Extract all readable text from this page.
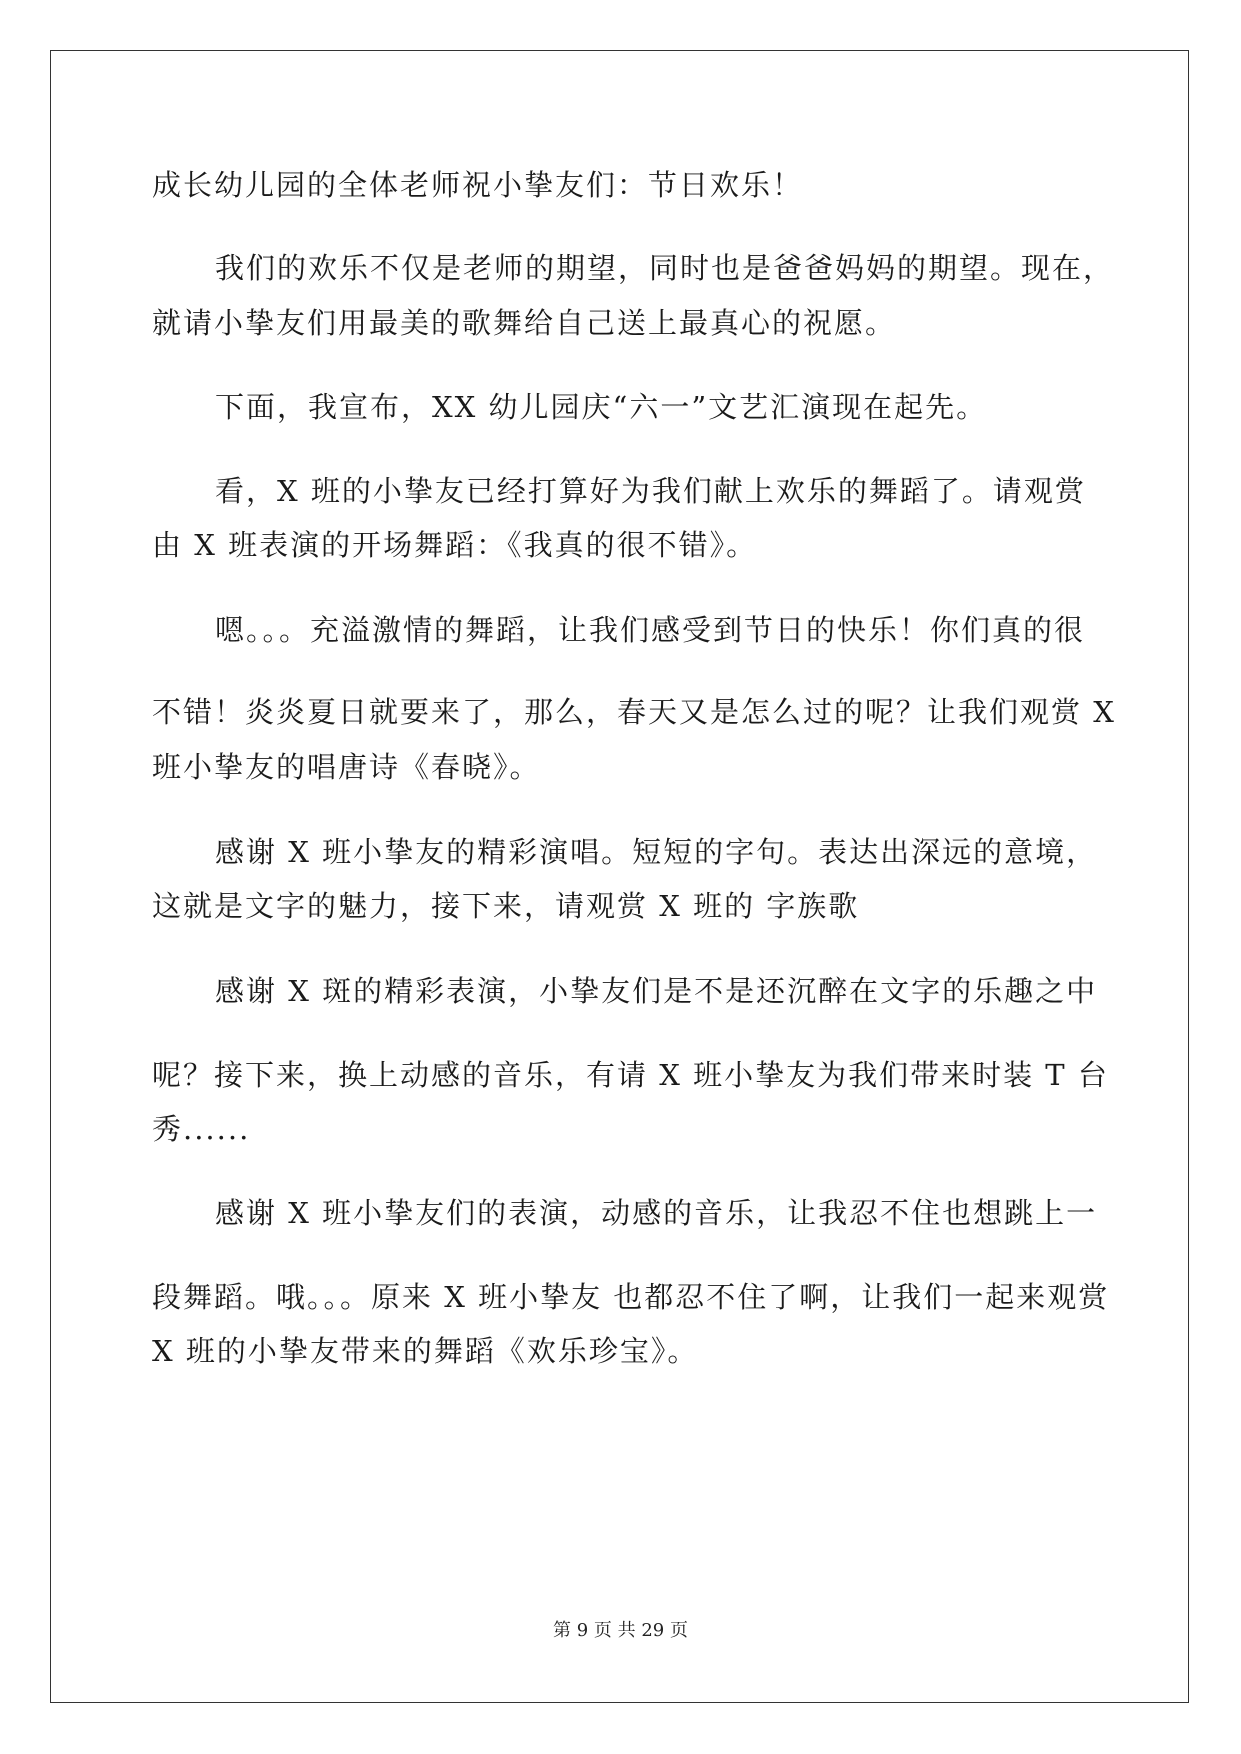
成长幼儿园的全体老师祝小挚友们：节日欢乐！
我们的欢乐不仅是老师的期望，同时也是爸爸妈妈的期望。现在，
就请小挚友们用最美的歌舞给自己送上最真心的祝愿。
下面，我宣布，XX 幼儿园庆“六一”文艺汇演现在起先。
看，X 班的小挚友已经打算好为我们献上欢乐的舞蹈了。请观赏
由 X 班表演的开场舞蹈：《我真的很不错》。
嗯。。。充溢激情的舞蹈，让我们感受到节日的快乐！你们真的很
不错！炎炎夏日就要来了，那么，春天又是怎么过的呢？让我们观赏 X
班小挚友的唱唐诗《春晓》。
感谢 X 班小挚友的精彩演唱。短短的字句。表达出深远的意境，
这就是文字的魅力，接下来，请观赏 X 班的 字族歌
感谢 X 斑的精彩表演，小挚友们是不是还沉醉在文字的乐趣之中
呢？接下来，换上动感的音乐，有请 X 班小挚友为我们带来时装 T 台
秀......
感谢 X 班小挚友们的表演，动感的音乐，让我忍不住也想跳上一
段舞蹈。哦。。。原来 X 班小挚友 也都忍不住了啊，让我们一起来观赏
X 班的小挚友带来的舞蹈《欢乐珍宝》。
第 9 页 共 29 页
